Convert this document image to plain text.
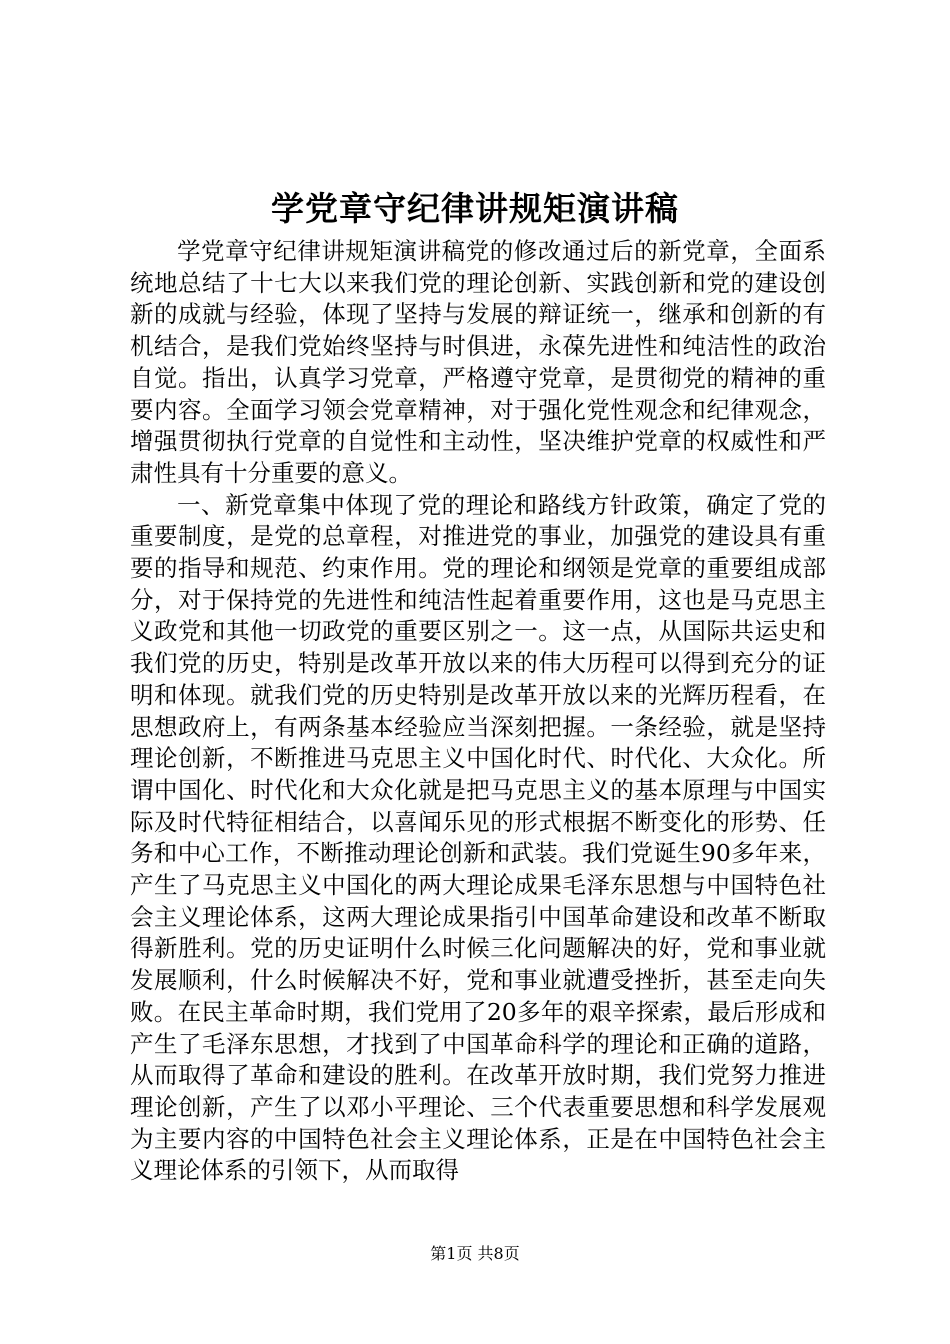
学党章守纪律讲规矩演讲稿

学党章守纪律讲规矩演讲稿党的修改通过后的新党章，全面系统地总结了十七大以来我们党的理论创新、实践创新和党的建设创新的成就与经验，体现了坚持与发展的辩证统一，继承和创新的有机结合，是我们党始终坚持与时俱进，永葆先进性和纯洁性的政治自觉。指出，认真学习党章，严格遵守党章，是贯彻党的精神的重要内容。全面学习领会党章精神，对于强化党性观念和纪律观念，增强贯彻执行党章的自觉性和主动性，坚决维护党章的权威性和严肃性具有十分重要的意义。

一、新党章集中体现了党的理论和路线方针政策，确定了党的重要制度，是党的总章程，对推进党的事业，加强党的建设具有重要的指导和规范、约束作用。党的理论和纲领是党章的重要组成部分，对于保持党的先进性和纯洁性起着重要作用，这也是马克思主义政党和其他一切政党的重要区别之一。这一点，从国际共运史和我们党的历史，特别是改革开放以来的伟大历程可以得到充分的证明和体现。就我们党的历史特别是改革开放以来的光辉历程看，在思想政府上，有两条基本经验应当深刻把握。一条经验，就是坚持理论创新，不断推进马克思主义中国化时代、时代化、大众化。所谓中国化、时代化和大众化就是把马克思主义的基本原理与中国实际及时代特征相结合，以喜闻乐见的形式根据不断变化的形势、任务和中心工作，不断推动理论创新和武装。我们党诞生90多年来，产生了马克思主义中国化的两大理论成果毛泽东思想与中国特色社会主义理论体系，这两大理论成果指引中国革命建设和改革不断取得新胜利。党的历史证明什么时候三化问题解决的好，党和事业就发展顺利，什么时候解决不好，党和事业就遭受挫折，甚至走向失败。在民主革命时期，我们党用了20多年的艰辛探索，最后形成和产生了毛泽东思想，才找到了中国革命科学的理论和正确的道路，从而取得了革命和建设的胜利。在改革开放时期，我们党努力推进理论创新，产生了以邓小平理论、三个代表重要思想和科学发展观为主要内容的中国特色社会主义理论体系，正是在中国特色社会主义理论体系的引领下，从而取得

第1页 共8页
